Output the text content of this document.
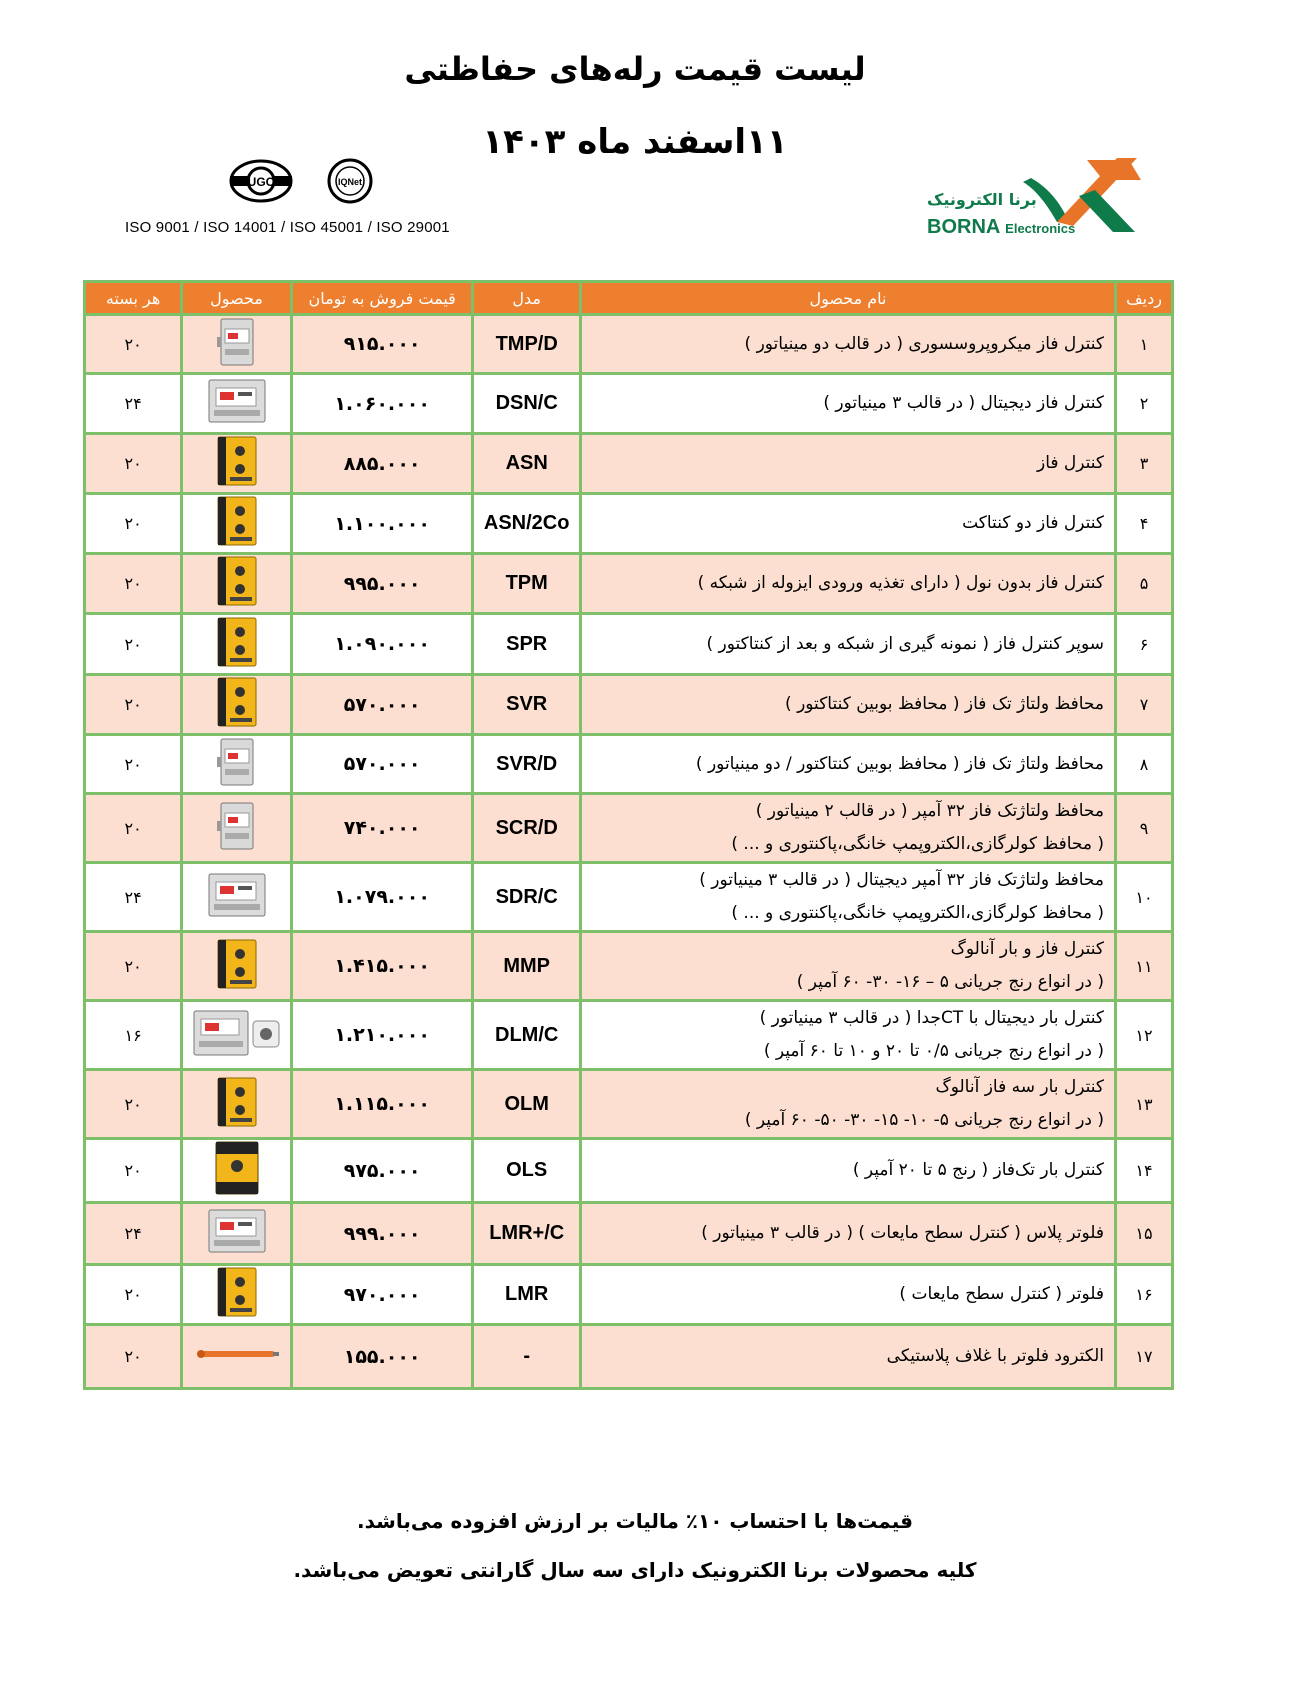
لیست قیمت رله‌های حفاظتی
۱۱اسفند ماه ۱۴۰۳
UGC	IQNet
ISO 9001 / ISO 14001 / ISO 45001 / ISO 29001
برنا الکترونیک
BORNA Electronics
ردیف	نام محصول	مدل	قیمت فروش به تومان	محصول	هر بسته
۱	کنترل فاز میکروپروسسوری ( در قالب دو مینیاتور )	TMP/D	۹۱۵.۰۰۰		۲۰
۲	کنترل فاز دیجیتال ( در قالب ۳ مینیاتور )	DSN/C	۱.۰۶۰.۰۰۰		۲۴
۳	کنترل فاز	ASN	۸۸۵.۰۰۰		۲۰
۴	کنترل فاز دو کنتاکت	ASN/2Co	۱.۱۰۰.۰۰۰		۲۰
۵	کنترل فاز بدون نول ( دارای تغذیه ورودی ایزوله از شبکه )	TPM	۹۹۵.۰۰۰		۲۰
۶	سوپر کنترل فاز ( نمونه گیری از شبکه و بعد از کنتاکتور )	SPR	۱.۰۹۰.۰۰۰		۲۰
۷	محافظ ولتاژ تک فاز ( محافظ بوبین کنتاکتور )	SVR	۵۷۰.۰۰۰		۲۰
۸	محافظ ولتاژ تک فاز ( محافظ بوبین کنتاکتور / دو مینیاتور )	SVR/D	۵۷۰.۰۰۰		۲۰
۹	محافظ ولتاژتک فاز ۳۲ آمپر ( در قالب ۲ مینیاتور )
( محافظ کولرگازی،الکتروپمپ خانگی،پاکنتوری و ... )	SCR/D	۷۴۰.۰۰۰		۲۰
۱۰	محافظ ولتاژتک فاز ۳۲ آمپر دیجیتال ( در قالب ۳ مینیاتور )
( محافظ کولرگازی،الکتروپمپ خانگی،پاکنتوری و ... )	SDR/C	۱.۰۷۹.۰۰۰		۲۴
۱۱	کنترل فاز و بار آنالوگ
( در انواع رنج جریانی ۵ – ۱۶- ۳۰- ۶۰ آمپر )	MMP	۱.۴۱۵.۰۰۰		۲۰
۱۲	کنترل بار دیجیتال با CTجدا ( در قالب ۳ مینیاتور )
( در انواع رنج جریانی ۰/۵ تا ۲۰ و ۱۰ تا ۶۰ آمپر )	DLM/C	۱.۲۱۰.۰۰۰		۱۶
۱۳	کنترل بار سه فاز آنالوگ
( در انواع رنج جریانی ۵- ۱۰- ۱۵- ۳۰- ۵۰- ۶۰ آمپر )	OLM	۱.۱۱۵.۰۰۰		۲۰
۱۴	کنترل بار تک‌فاز ( رنج ۵ تا ۲۰ آمپر )	OLS	۹۷۵.۰۰۰		۲۰
۱۵	فلوتر پلاس ( کنترل سطح مایعات ) ( در قالب ۳ مینیاتور )	LMR+/C	۹۹۹.۰۰۰		۲۴
۱۶	فلوتر ( کنترل سطح مایعات )	LMR	۹۷۰.۰۰۰		۲۰
۱۷	الکترود فلوتر با غلاف پلاستیکی	-	۱۵۵.۰۰۰		۲۰
قیمت‌ها با احتساب ۱۰٪ مالیات بر ارزش افزوده می‌باشد.
کلیه محصولات برنا الکترونیک دارای سه سال گارانتی تعویض می‌باشد.
